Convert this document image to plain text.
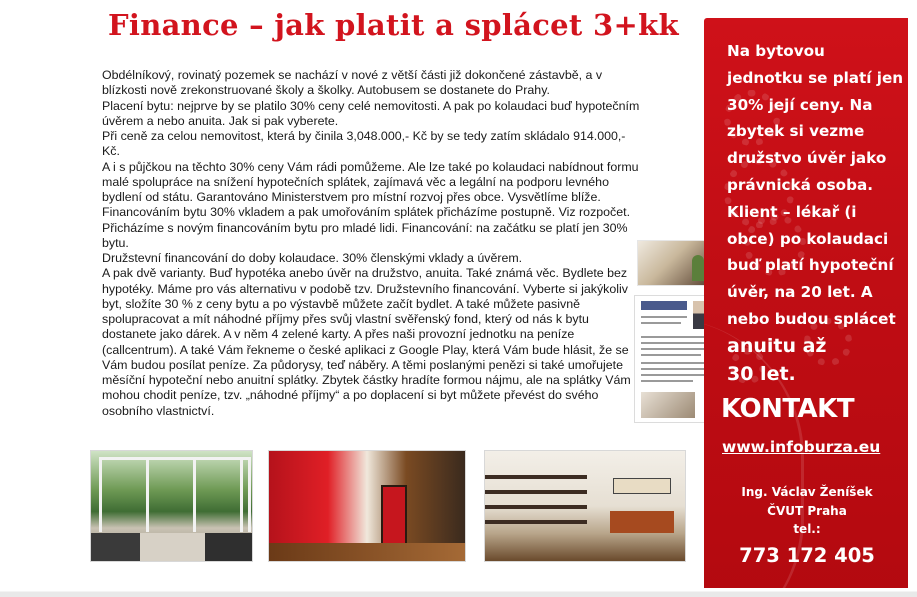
Finance – jak platit a splácet 3+kk

Obdélníkový, rovinatý pozemek se nachází v nové z větší části již dokončené zástavbě, a v blízkosti nově zrekonstruované školy a školky. Autobusem se dostanete do Prahy.

Placení bytu: nejprve by se platilo 30% ceny celé nemovitosti. A pak po kolaudaci buď hypotečním úvěrem a nebo anuita. Jak si pak vyberete.

Při ceně za celou nemovitost, která by činila 3,048.000,- Kč by se tedy zatím skládalo 914.000,- Kč.

A i s půjčkou na těchto 30% ceny Vám rádi pomůžeme. Ale lze také po kolaudaci nabídnout formu malé spolupráce na snížení hypotečních splátek, zajímavá věc a legální na podporu levného bydlení od státu. Garantováno Ministerstvem pro místní rozvoj přes obce. Vysvětlíme blíže.

Financováním bytu 30% vkladem a pak umořováním splátek přicházíme postupně. Viz rozpočet. Přicházíme s novým financováním bytu pro mladé lidi. Financování: na začátku se platí jen 30% bytu.

Družstevní financování do doby kolaudace. 30% členskými vklady a úvěrem.

A pak dvě varianty. Buď hypotéka anebo úvěr na družstvo, anuita. Také známá věc. Bydlete bez hypotéky. Máme pro vás alternativu v podobě tzv. Družstevního financování. Vyberte si jakýkoliv byt, složíte 30 % z ceny bytu a po výstavbě můžete začít bydlet. A také můžete pasivně spolupracovat a mít náhodné příjmy přes svůj vlastní svěřenský fond, který od nás k bytu dostanete jako dárek. A v něm 4 zelené karty. A přes naši provozní jednotku na peníze (callcentrum). A také Vám řekneme o české aplikaci z Google Play, která Vám bude hlásit, že se Vám budou posílat peníze. Za půdorysy, teď náběry. A těmi poslanými penězi si také umořujete měsíční hypoteční nebo anuitní splátky. Zbytek částky hradíte formou nájmu, ale na splátky Vám mohou chodit peníze, tzv. „náhodné příjmy“ a po doplacení si byt můžete převést do svého osobního vlastnictví.

Na bytovou jednotku se platí jen 30% její ceny. Na zbytek si vezme družstvo úvěr jako právnická osoba. Klient – lékař (i obce) po kolaudaci buď platí hypoteční úvěr, na 20 let. A nebo budou splácet anuitu až
30 let.
KONTAKT
www.infoburza.eu
Ing. Václav Ženíšek
ČVUT Praha
tel.:
773 172 405
